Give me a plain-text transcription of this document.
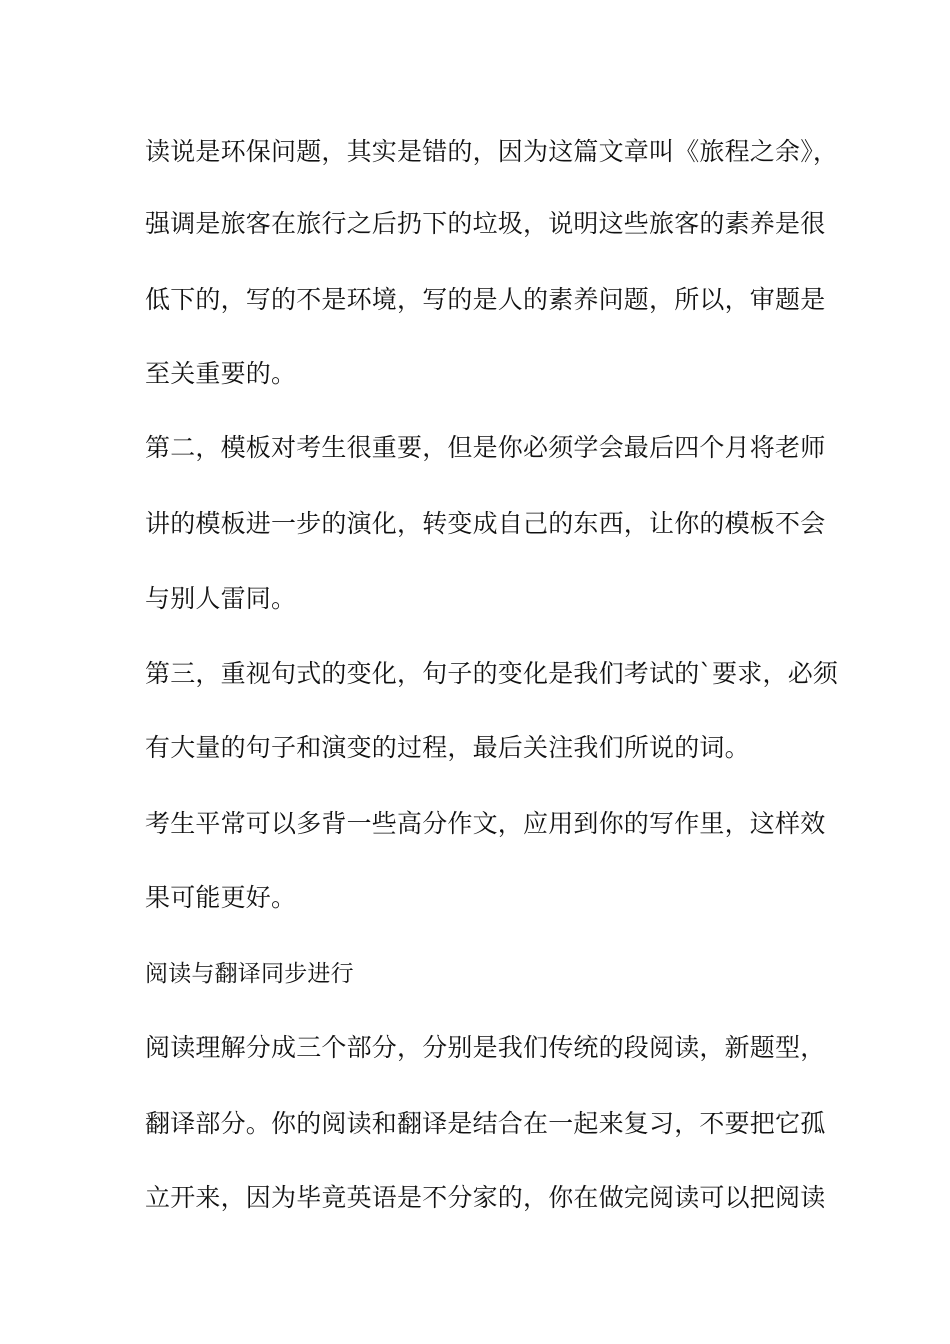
读说是环保问题，其实是错的，因为这篇文章叫《旅程之余》，
强调是旅客在旅行之后扔下的垃圾，说明这些旅客的素养是很
低下的，写的不是环境，写的是人的素养问题，所以，审题是
至关重要的。
第二，模板对考生很重要，但是你必须学会最后四个月将老师
讲的模板进一步的演化，转变成自己的东西，让你的模板不会
与别人雷同。
第三，重视句式的变化，句子的变化是我们考试的`要求，必须
有大量的句子和演变的过程，最后关注我们所说的词。
考生平常可以多背一些高分作文，应用到你的写作里，这样效
果可能更好。
阅读与翻译同步进行
阅读理解分成三个部分，分别是我们传统的段阅读，新题型，
翻译部分。你的阅读和翻译是结合在一起来复习，不要把它孤
立开来，因为毕竟英语是不分家的，你在做完阅读可以把阅读
